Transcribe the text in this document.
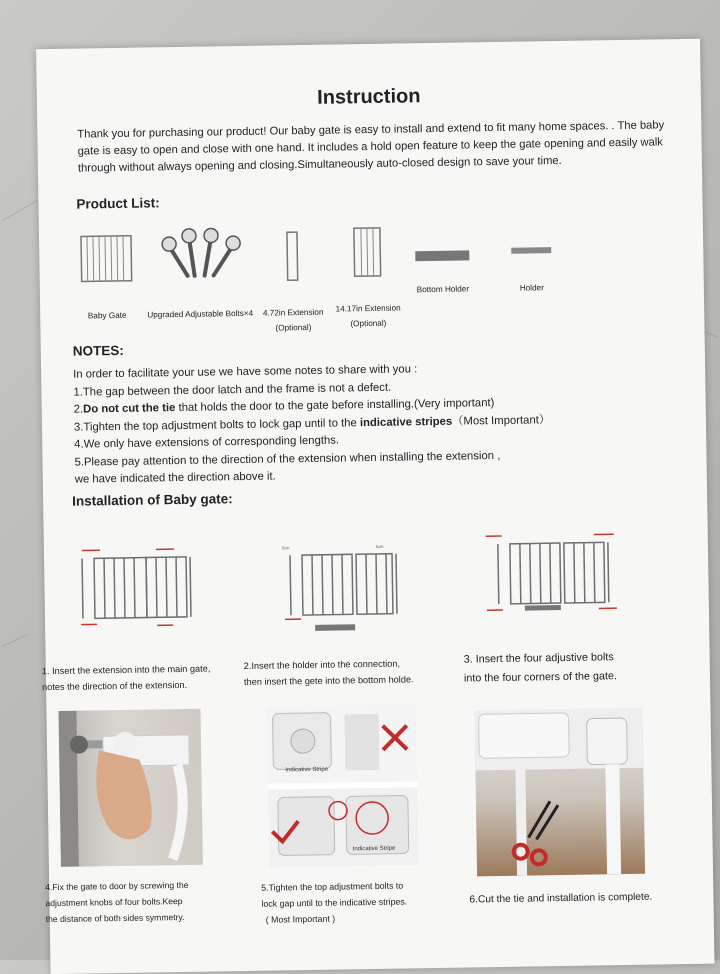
Instruction
Thank you for purchasing our product! Our baby gate is easy to install and extend to fit many home spaces. . The baby gate is easy to open and close with one hand. It includes a hold open feature to keep the gate opening and easily walk through without always opening and closing.Simultaneously auto-closed design to save your time.
Product List:
Baby Gate	Upgraded Adjustable Bolts×4	4.72in Extension
(Optional)
14.17in Extension
(Optional)
Bottom Holder	Holder
NOTES:
In order to facilitate your use we have some notes to share with you :
1.The gap between the door latch and the frame is not a defect.
2.Do not cut the tie that holds the door to the gate before installing.(Very important)
3.Tighten the top adjustment bolts to lock gap until to the indicative stripes（Most Important）
4.We only have extensions of corresponding lengths.
5.Please pay attention to the direction of the extension when installing the extension ,
we have indicated the direction above it.
Installation of Baby gate:
5cm	5cm
1. Insert the extension into the main gate,
notes the direction of the extension.
2.Insert the holder into the connection,
then insert the gete into the bottom holde.
3. Insert the four adjustive bolts
into the four corners of the gate.
Indicative Stripe
Indicative Stripe
4.Fix the gate to door by screwing the
adjustment knobs of four bolts.Keep
the distance of both sides symmetry.
5.Tighten the top adjustment bolts to
lock gap until to the indicative stripes.
( Most Important )
6.Cut the tie and installation is complete.
